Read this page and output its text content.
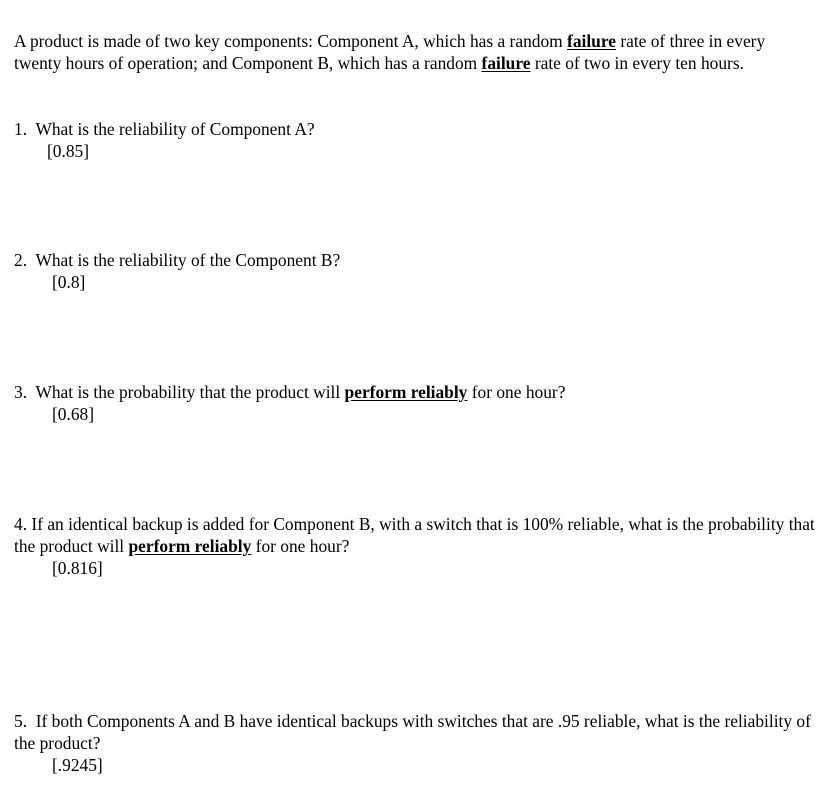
A product is made of two key components: Component A, which has a random failure rate of three in every twenty hours of operation; and Component B, which has a random failure rate of two in every ten hours.

1. What is the reliability of Component A?

[0.85]

2. What is the reliability of the Component B?

[0.8]

3. What is the probability that the product will perform reliably for one hour?

[0.68]

4. If an identical backup is added for Component B, with a switch that is 100% reliable, what is the probability that the product will perform reliably for one hour?

[0.816]

5. If both Components A and B have identical backups with switches that are .95 reliable, what is the reliability of the product?

[.9245]
